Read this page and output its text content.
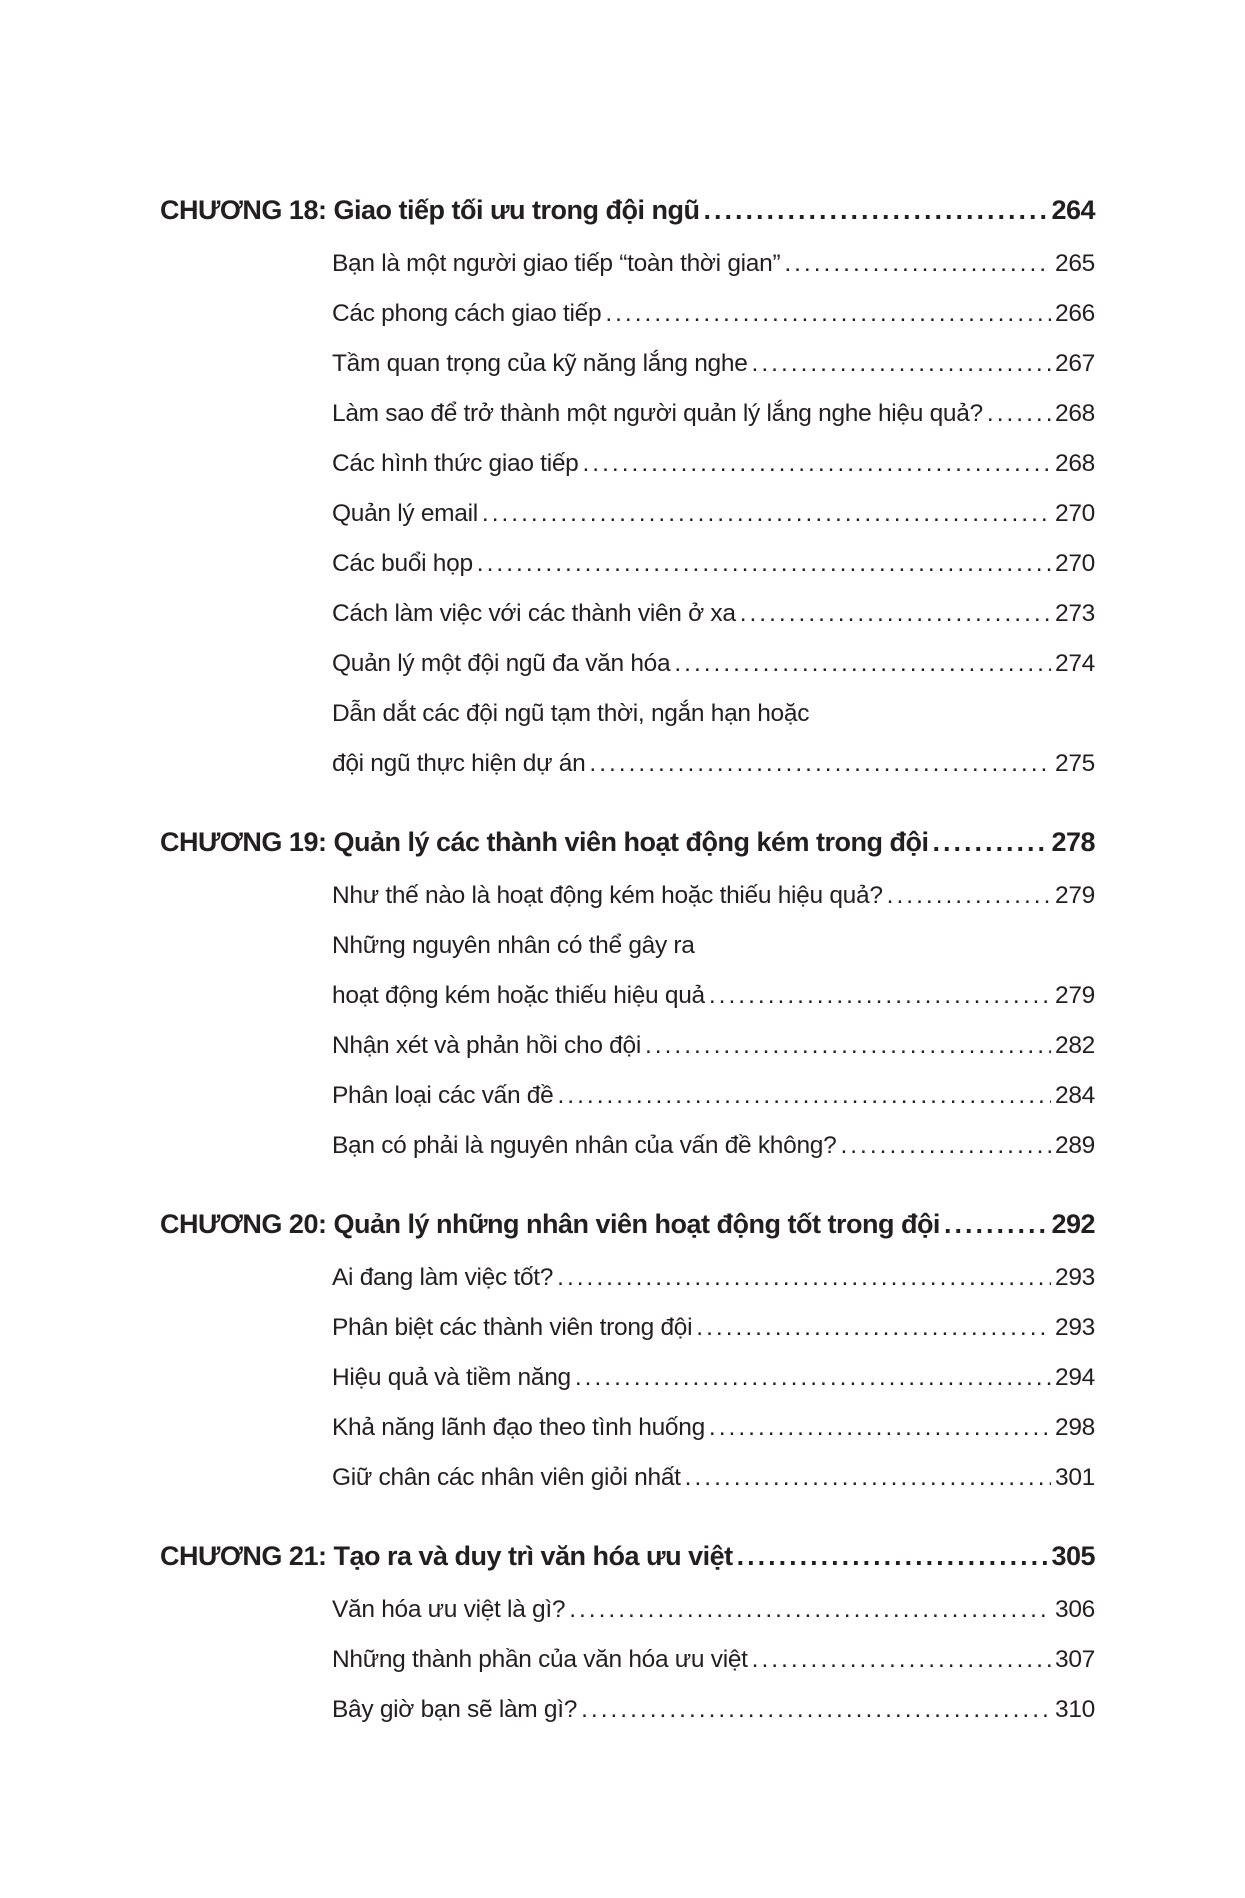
CHƯƠNG 18: Giao tiếp tối ưu trong đội ngũ .....	264
Bạn là một người giao tiếp “toàn thời gian” .....	265
Các phong cách giao tiếp .....	266
Tầm quan trọng của kỹ năng lắng nghe .....	267
Làm sao để trở thành một người quản lý lắng nghe hiệu quả? .....	268
Các hình thức giao tiếp .....	268
Quản lý email .....	270
Các buổi họp .....	270
Cách làm việc với các thành viên ở xa .....	273
Quản lý một đội ngũ đa văn hóa .....	274
Dẫn dắt các đội ngũ tạm thời, ngắn hạn hoặc
đội ngũ thực hiện dự án .....	275
CHƯƠNG 19: Quản lý các thành viên hoạt động kém trong đội .....	278
Như thế nào là hoạt động kém hoặc thiếu hiệu quả? .....	279
Những nguyên nhân có thể gây ra
hoạt động kém hoặc thiếu hiệu quả .....	279
Nhận xét và phản hồi cho đội .....	282
Phân loại các vấn đề .....	284
Bạn có phải là nguyên nhân của vấn đề không? .....	289
CHƯƠNG 20: Quản lý những nhân viên hoạt động tốt trong đội .....	292
Ai đang làm việc tốt? .....	293
Phân biệt các thành viên trong đội .....	293
Hiệu quả và tiềm năng .....	294
Khả năng lãnh đạo theo tình huống .....	298
Giữ chân các nhân viên giỏi nhất .....	301
CHƯƠNG 21: Tạo ra và duy trì văn hóa ưu việt .....	305
Văn hóa ưu việt là gì? .....	306
Những thành phần của văn hóa ưu việt .....	307
Bây giờ bạn sẽ làm gì? .....	310
